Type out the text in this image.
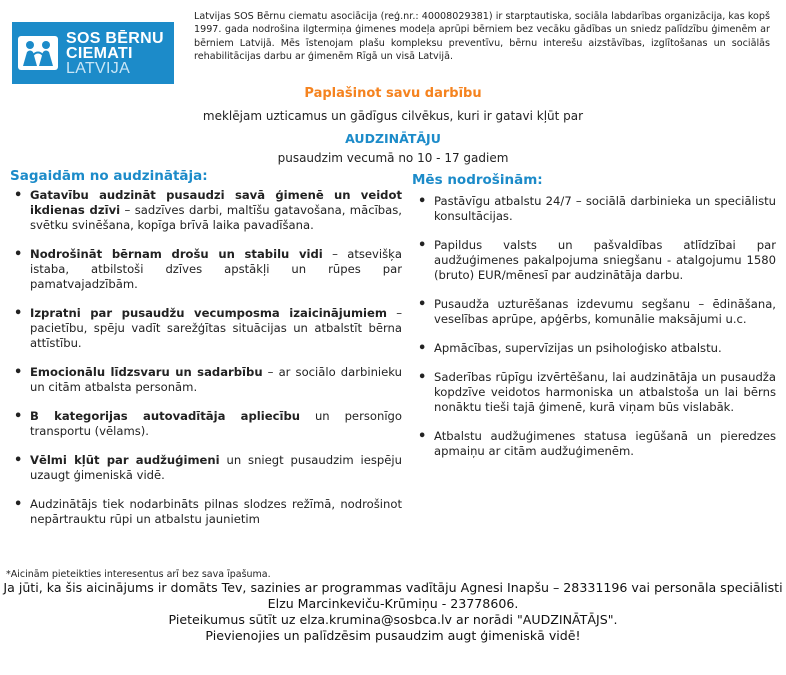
SOS BĒRNU
CIEMATI
LATVIJA
Latvijas SOS Bērnu ciematu asociācija (reģ.nr.: 40008029381) ir starptautiska, sociāla labdarības organizācija, kas kopš 1997. gada nodrošina ilgtermiņa ģimenes modeļa aprūpi bērniem bez vecāku gādības un sniedz palīdzību ģimenēm ar bērniem Latvijā. Mēs īstenojam plašu kompleksu preventīvu, bērnu interešu aizstāvības, izglītošanas un sociālās rehabilitācijas darbu ar ģimenēm Rīgā un visā Latvijā.
Paplašinot savu darbību
meklējam uzticamus un gādīgus cilvēkus, kuri ir gatavi kļūt par
AUDZINĀTĀJU
pusaudzim vecumā no 10 - 17 gadiem
Sagaidām no audzinātāja:
• Gatavību audzināt pusaudzi savā ģimenē un veidot ikdienas dzīvi – sadzīves darbi, maltīšu gatavošana, mācības, svētku svinēšana, kopīga brīvā laika pavadīšana.
• Nodrošināt bērnam drošu un stabilu vidi – atsevišķa istaba, atbilstoši dzīves apstākļi un rūpes par pamatvajadzībām.
• Izpratni par pusaudžu vecumposma izaicinājumiem – pacietību, spēju vadīt sarežģītas situācijas un atbalstīt bērna attīstību.
• Emocionālu līdzsvaru un sadarbību – ar sociālo darbinieku un citām atbalsta personām.
• B kategorijas autovadītāja apliecību un personīgo transportu (vēlams).
• Vēlmi kļūt par audžuģimeni un sniegt pusaudzim iespēju uzaugt ģimeniskā vidē.
• Audzinātājs tiek nodarbināts pilnas slodzes režīmā, nodrošinot nepārtrauktu rūpi un atbalstu jaunietim
Mēs nodrošinām:
• Pastāvīgu atbalstu 24/7 – sociālā darbinieka un speciālistu konsultācijas.
• Papildus valsts un pašvaldības atlīdzībai par audžuģimenes pakalpojuma sniegšanu - atalgojumu 1580 (bruto) EUR/mēnesī par audzinātāja darbu.
• Pusaudža uzturēšanas izdevumu segšanu – ēdināšana, veselības aprūpe, apģērbs, komunālie maksājumi u.c.
• Apmācības, supervīzijas un psiholoģisko atbalstu.
• Saderības rūpīgu izvērtēšanu, lai audzinātāja un pusaudža kopdzīve veidotos harmoniska un atbalstoša un lai bērns nonāktu tieši tajā ģimenē, kurā viņam būs vislabāk.
• Atbalstu audžuģimenes statusa iegūšanā un pieredzes apmaiņu ar citām audžuģimenēm.
*Aicinām pieteikties interesentus arī bez sava īpašuma.
Ja jūti, ka šis aicinājums ir domāts Tev, sazinies ar programmas vadītāju Agnesi Inapšu – 28331196 vai personāla speciālisti Elzu Marcinkeviču-Krūmiņu - 23778606.
Pieteikumus sūtīt uz elza.krumina@sosbca.lv ar norādi "AUDZINĀTĀJS".
Pievienojies un palīdzēsim pusaudzim augt ģimeniskā vidē!
